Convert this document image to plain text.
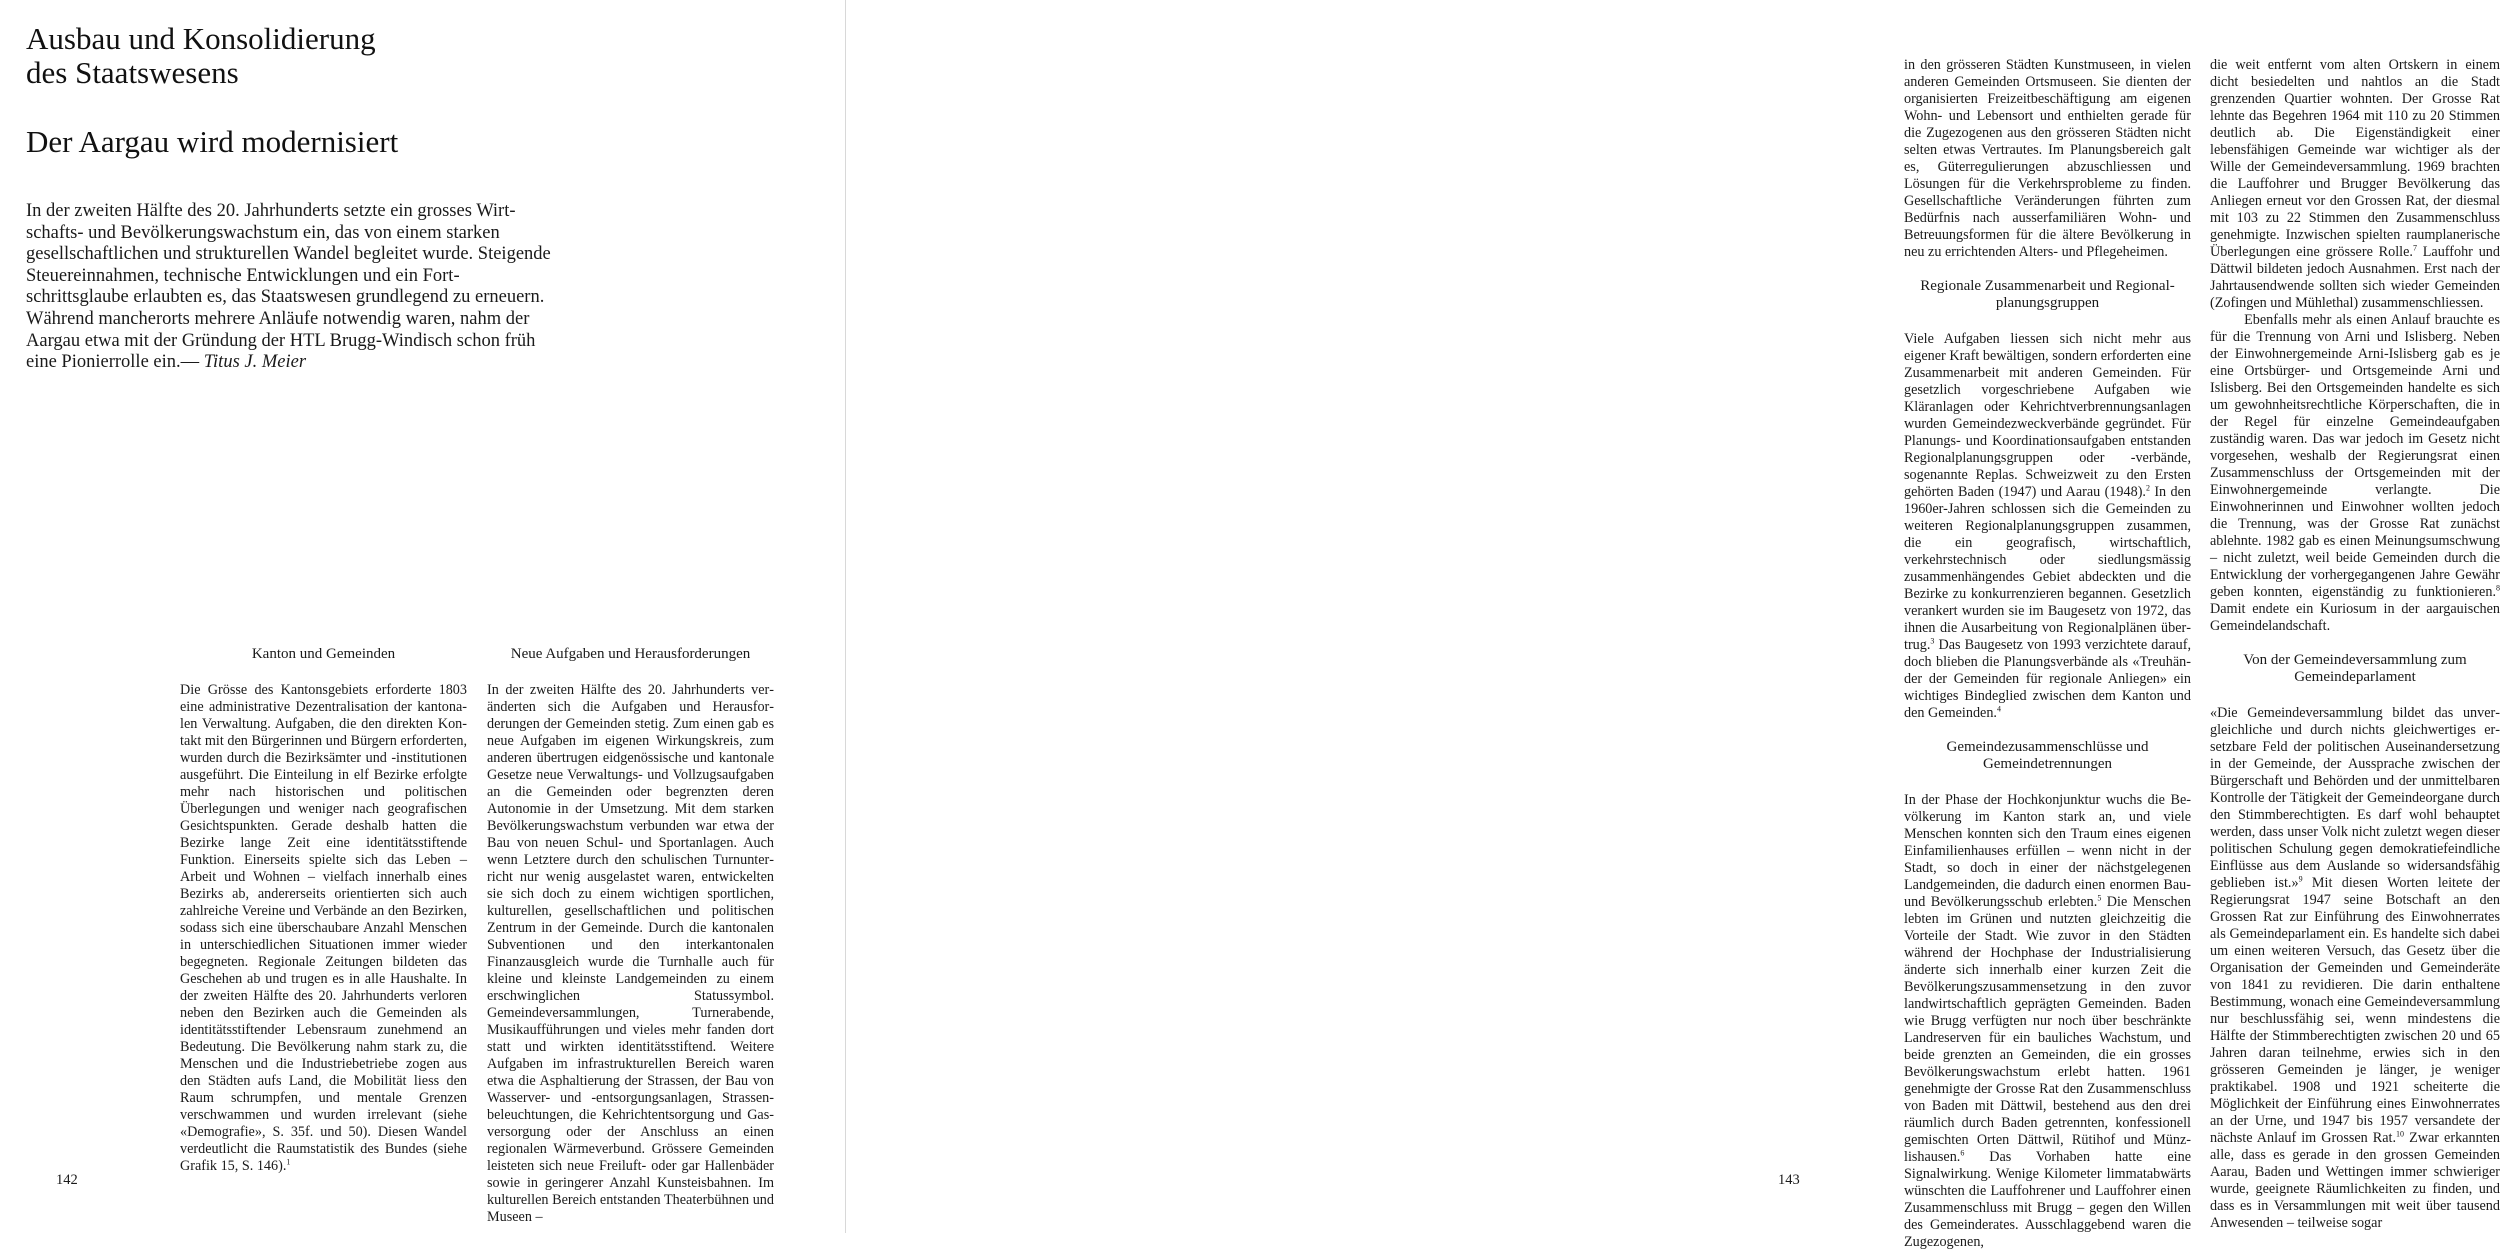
Ausbau und Konsolidierung
des Staatswesens
Der Aargau wird modernisiert

In der zweiten Hälfte des 20. Jahrhunderts setzte ein grosses Wirtschafts- und Bevölkerungswachstum ein, das von einem starken gesellschaftlichen und strukturellen Wandel begleitet wurde. Steigende Steuereinnahmen, technische Entwicklungen und ein Fortschrittsglaube erlaubten es, das Staatswesen grundlegend zu erneuern. Während mancherorts mehrere Anläufe notwendig waren, nahm der Aargau etwa mit der Gründung der HTL Brugg-Windisch schon früh eine Pionierrolle ein.— Titus J. Meier

Kanton und Gemeinden

Die Grösse des Kantonsgebiets erforderte 1803 eine administrative Dezentralisation der kantonalen Verwaltung. Aufgaben, die den direkten Kontakt mit den Bürgerinnen und Bürgern erforderten, wurden durch die Bezirksämter und -institutionen ausgeführt. Die Einteilung in elf Bezirke erfolgte mehr nach historischen und politischen Überlegungen und weniger nach geografischen Gesichtspunkten. Gerade deshalb hatten die Bezirke lange Zeit eine identitätsstiftende Funktion. Einerseits spielte sich das Leben – Arbeit und Wohnen – vielfach innerhalb eines Bezirks ab, andererseits orientierten sich auch zahlreiche Vereine und Verbände an den Bezirken, sodass sich eine überschaubare Anzahl Menschen in unterschiedlichen Situationen immer wieder begegneten. Regionale Zeitungen bildeten das Geschehen ab und trugen es in alle Haushalte. In der zweiten Hälfte des 20. Jahrhunderts verloren neben den Bezirken auch die Gemeinden als identitätsstiftender Lebensraum zunehmend an Bedeutung. Die Bevölkerung nahm stark zu, die Menschen und die Industriebetriebe zogen aus den Städten aufs Land, die Mobilität liess den Raum schrumpfen, und mentale Grenzen verschwammen und wurden irrelevant (siehe «Demografie», S. 35f. und 50). Diesen Wandel verdeutlicht die Raumstatistik des Bundes (siehe Grafik 15, S. 146).$^1$

Neue Aufgaben und Herausforderungen

In der zweiten Hälfte des 20. Jahrhunderts veränderten sich die Aufgaben und Herausforderungen der Gemeinden stetig. Zum einen gab es neue Aufgaben im eigenen Wirkungskreis, zum anderen übertrugen eidgenössische und kantonale Gesetze neue Verwaltungs- und Vollzugsaufgaben an die Gemeinden oder begrenzten deren Autonomie in der Umsetzung. Mit dem starken Bevölkerungswachstum verbunden war etwa der Bau von neuen Schul- und Sportanlagen. Auch wenn Letztere durch den schulischen Turnunterricht nur wenig ausgelastet waren, entwickelten sie sich doch zu einem wichtigen sportlichen, kulturellen, gesellschaftlichen und politischen Zentrum in der Gemeinde. Durch die kantonalen Subventionen und den interkantonalen Finanzausgleich wurde die Turnhalle auch für kleine und kleinste Landgemeinden zu einem erschwinglichen Statussymbol. Gemeindeversammlungen, Turnerabende, Musikaufführungen und vieles mehr fanden dort statt und wirkten identitätsstiftend. Weitere Aufgaben im infrastrukturellen Bereich waren etwa die Asphaltierung der Strassen, der Bau von Wasserver- und -entsorgungsanlagen, Strassenbeleuchtungen, die Kehrichtentsorgung und Gasversorgung oder der Anschluss an einen regionalen Wärmeverbund. Grössere Gemeinden leisteten sich neue Freiluft- oder gar Hallenbäder sowie in geringerer Anzahl Kunsteisbahnen. Im kulturellen Bereich entstanden Theaterbühnen und Museen –

142

in den grösseren Städten Kunstmuseen, in vielen anderen Gemeinden Ortsmuseen. Sie dienten der organisierten Freizeitbeschäftigung am eigenen Wohn- und Lebensort und enthielten gerade für die Zugezogenen aus den grösseren Städten nicht selten etwas Vertrautes. Im Planungsbereich galt es, Güterregulierungen abzuschliessen und Lösungen für die Verkehrsprobleme zu finden. Gesellschaftliche Veränderungen führten zum Bedürfnis nach ausserfamiliären Wohn- und Betreuungsformen für die ältere Bevölkerung in neu zu errichtenden Alters- und Pflegeheimen.

Regionale Zusammenarbeit und Regionalplanungsgruppen

Viele Aufgaben liessen sich nicht mehr aus eigener Kraft bewältigen, sondern erforderten eine Zusammenarbeit mit anderen Gemeinden. Für gesetzlich vorgeschriebene Aufgaben wie Kläranlagen oder Kehrichtverbrennungsanlagen wurden Gemeindezweckverbände gegründet. Für Planungs- und Koordinationsaufgaben entstanden Regionalplanungsgruppen oder -verbände, sogenannte Replas. Schweizweit zu den Ersten gehörten Baden (1947) und Aarau (1948).$^2$ In den 1960er-Jahren schlossen sich die Gemeinden zu weiteren Regionalplanungsgruppen zusammen, die ein geografisch, wirtschaftlich, verkehrstechnisch oder siedlungsmässig zusammenhängendes Gebiet abdeckten und die Bezirke zu konkurrenzieren begannen. Gesetzlich verankert wurden sie im Baugesetz von 1972, das ihnen die Ausarbeitung von Regionalplänen übertrug.$^3$ Das Baugesetz von 1993 verzichtete darauf, doch blieben die Planungsverbände als «Treuhänder der Gemeinden für regionale Anliegen» ein wichtiges Bindeglied zwischen dem Kanton und den Gemeinden.$^4$

Gemeindezusammenschlüsse und Gemeindetrennungen

In der Phase der Hochkonjunktur wuchs die Bevölkerung im Kanton stark an, und viele Menschen konnten sich den Traum eines eigenen Einfamilienhauses erfüllen – wenn nicht in der Stadt, so doch in einer der nächstgelegenen Landgemeinden, die dadurch einen enormen Bau- und Bevölkerungsschub erlebten.$^5$ Die Menschen lebten im Grünen und nutzten gleichzeitig die Vorteile der Stadt. Wie zuvor in den Städten während der Hochphase der Industrialisierung änderte sich innerhalb einer kurzen Zeit die Bevölkerungszusammensetzung in den zuvor landwirtschaftlich geprägten Gemeinden. Baden wie Brugg verfügten nur noch über beschränkte Landreserven für ein bauliches Wachstum, und beide grenzten an Gemeinden, die ein grosses Bevölkerungswachstum erlebt hatten. 1961 genehmigte der Grosse Rat den Zusammenschluss von Baden mit Dättwil, bestehend aus den drei räumlich durch Baden getrennten, konfessionell gemischten Orten Dättwil, Rütihof und Münzlishausen.$^6$ Das Vorhaben hatte eine Signalwirkung. Wenige Kilometer limmatabwärts wünschten die Lauffohrener und Lauffohrer einen Zusammenschluss mit Brugg – gegen den Willen des Gemeinderates. Ausschlaggebend waren die Zugezogenen,

die weit entfernt vom alten Ortskern in einem dicht besiedelten und nahtlos an die Stadt grenzenden Quartier wohnten. Der Grosse Rat lehnte das Begehren 1964 mit 110 zu 20 Stimmen deutlich ab. Die Eigenständigkeit einer lebensfähigen Gemeinde war wichtiger als der Wille der Gemeindeversammlung. 1969 brachten die Lauffohrer und Brugger Bevölkerung das Anliegen erneut vor den Grossen Rat, der diesmal mit 103 zu 22 Stimmen den Zusammenschluss genehmigte. Inzwischen spielten raumplanerische Überlegungen eine grössere Rolle.$^7$ Lauffohr und Dättwil bildeten jedoch Ausnahmen. Erst nach der Jahrtausendwende sollten sich wieder Gemeinden (Zofingen und Mühlethal) zusammenschliessen.

Ebenfalls mehr als einen Anlauf brauchte es für die Trennung von Arni und Islisberg. Neben der Einwohnergemeinde Arni-Islisberg gab es je eine Ortsbürger- und Ortsgemeinde Arni und Islisberg. Bei den Ortsgemeinden handelte es sich um gewohnheitsrechtliche Körperschaften, die in der Regel für einzelne Gemeindeaufgaben zuständig waren. Das war jedoch im Gesetz nicht vorgesehen, weshalb der Regierungsrat einen Zusammenschluss der Ortsgemeinden mit der Einwohnergemeinde verlangte. Die Einwohnerinnen und Einwohner wollten jedoch die Trennung, was der Grosse Rat zunächst ablehnte. 1982 gab es einen Meinungsumschwung – nicht zuletzt, weil beide Gemeinden durch die Entwicklung der vorhergegangenen Jahre Gewähr geben konnten, eigenständig zu funktionieren.$^8$ Damit endete ein Kuriosum in der aargauischen Gemeindelandschaft.

Von der Gemeindeversammlung zum Gemeindeparlament

«Die Gemeindeversammlung bildet das unvergleichliche und durch nichts gleichwertiges ersetzbare Feld der politischen Auseinandersetzung in der Gemeinde, der Aussprache zwischen der Bürgerschaft und Behörden und der unmittelbaren Kontrolle der Tätigkeit der Gemeindeorgane durch den Stimmberechtigten. Es darf wohl behauptet werden, dass unser Volk nicht zuletzt wegen dieser politischen Schulung gegen demokratiefeindliche Einflüsse aus dem Auslande so widersandsfähig geblieben ist.»$^9$ Mit diesen Worten leitete der Regierungsrat 1947 seine Botschaft an den Grossen Rat zur Einführung des Einwohnerrates als Gemeindeparlament ein. Es handelte sich dabei um einen weiteren Versuch, das Gesetz über die Organisation der Gemeinden und Gemeinderäte von 1841 zu revidieren. Die darin enthaltene Bestimmung, wonach eine Gemeindeversammlung nur beschlussfähig sei, wenn mindestens die Hälfte der Stimmberechtigten zwischen 20 und 65 Jahren daran teilnehme, erwies sich in den grösseren Gemeinden je länger, je weniger praktikabel. 1908 und 1921 scheiterte die Möglichkeit der Einführung eines Einwohnerrates an der Urne, und 1947 bis 1957 versandete der nächste Anlauf im Grossen Rat.$^{10}$ Zwar erkannten alle, dass es gerade in den grossen Gemeinden Aarau, Baden und Wettingen immer schwieriger wurde, geeignete Räumlichkeiten zu finden, und dass es in Versammlungen mit weit über tausend Anwesenden – teilweise sogar

143
